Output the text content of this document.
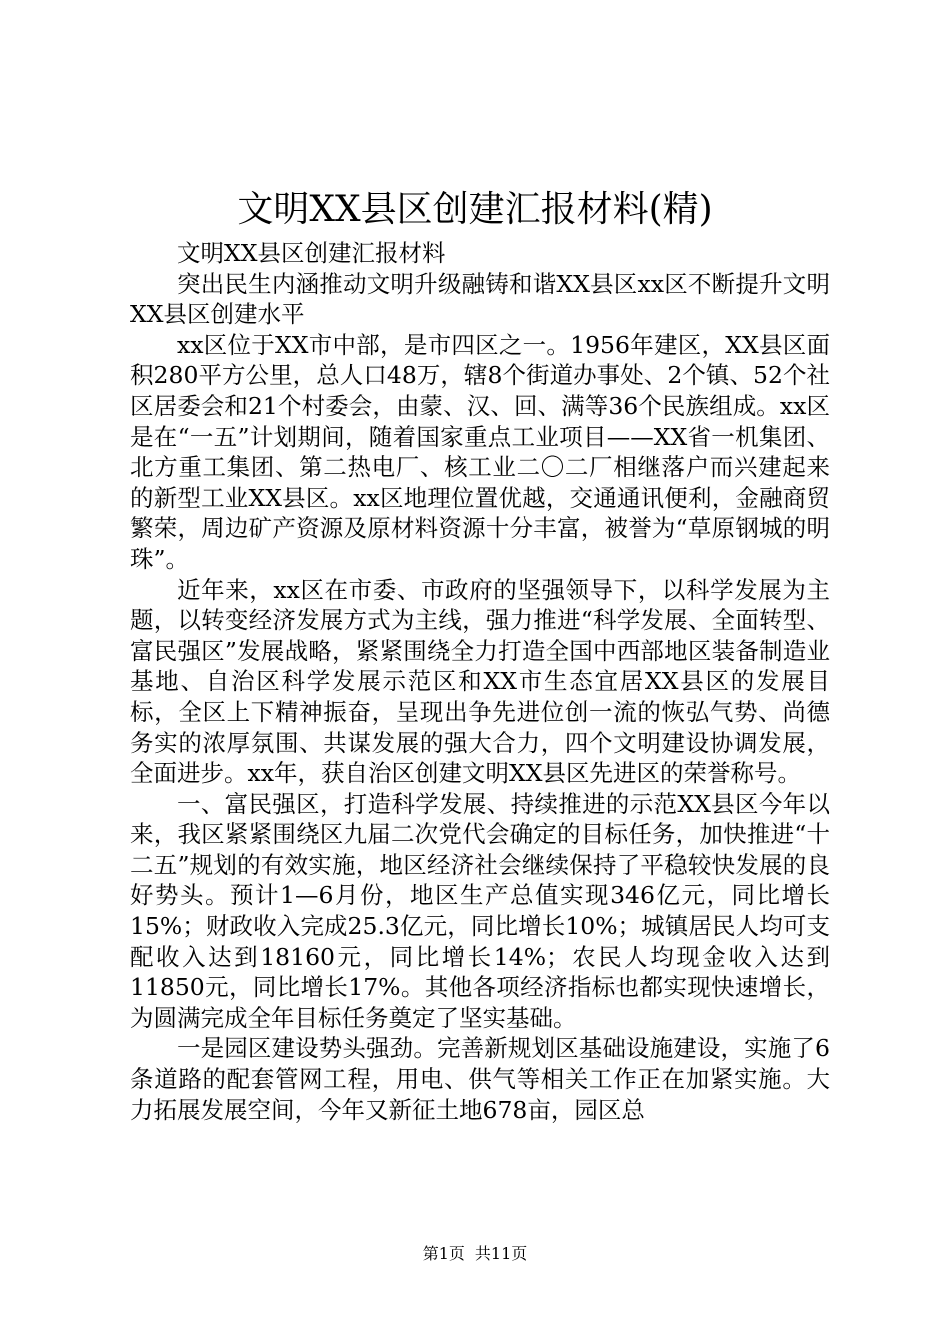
文明XX县区创建汇报材料(精)

文明XX县区创建汇报材料

突出民生内涵推动文明升级融铸和谐XX县区xx区不断提升文明XX县区创建水平

xx区位于XX市中部，是市四区之一。1956年建区，XX县区面积280平方公里，总人口48万，辖8个街道办事处、2个镇、52个社区居委会和21个村委会，由蒙、汉、回、满等36个民族组成。xx区是在“一五”计划期间，随着国家重点工业项目——XX省一机集团、北方重工集团、第二热电厂、核工业二〇二厂相继落户而兴建起来的新型工业XX县区。xx区地理位置优越，交通通讯便利，金融商贸繁荣，周边矿产资源及原材料资源十分丰富，被誉为“草原钢城的明珠”。

近年来，xx区在市委、市政府的坚强领导下，以科学发展为主题，以转变经济发展方式为主线，强力推进“科学发展、全面转型、富民强区”发展战略，紧紧围绕全力打造全国中西部地区装备制造业基地、自治区科学发展示范区和XX市生态宜居XX县区的发展目标，全区上下精神振奋，呈现出争先进位创一流的恢弘气势、尚德务实的浓厚氛围、共谋发展的强大合力，四个文明建设协调发展，全面进步。xx年，获自治区创建文明XX县区先进区的荣誉称号。

一、富民强区，打造科学发展、持续推进的示范XX县区今年以来，我区紧紧围绕区九届二次党代会确定的目标任务，加快推进“十二五”规划的有效实施，地区经济社会继续保持了平稳较快发展的良好势头。预计1—6月份，地区生产总值实现346亿元，同比增长15%；财政收入完成25.3亿元，同比增长10%；城镇居民人均可支配收入达到18160元，同比增长14%；农民人均现金收入达到11850元，同比增长17%。其他各项经济指标也都实现快速增长，为圆满完成全年目标任务奠定了坚实基础。

一是园区建设势头强劲。完善新规划区基础设施建设，实施了6条道路的配套管网工程，用电、供气等相关工作正在加紧实施。大力拓展发展空间，今年又新征土地678亩，园区总

第1页 共11页
